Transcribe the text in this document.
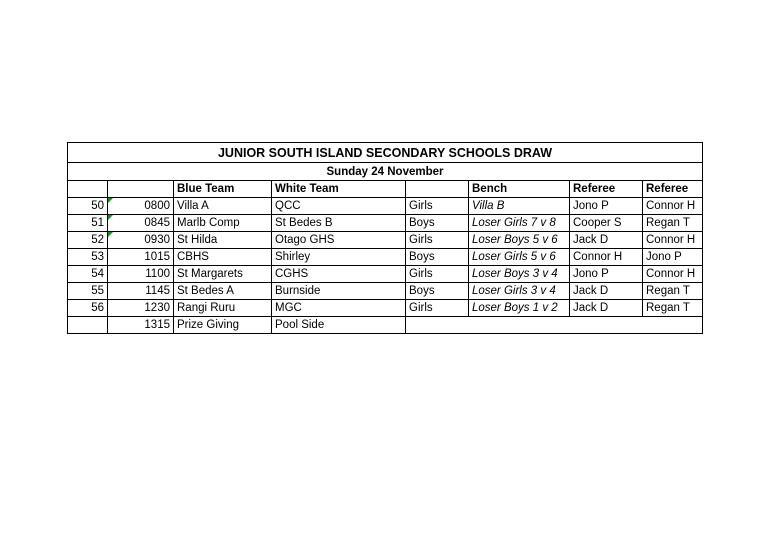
JUNIOR SOUTH ISLAND SECONDARY SCHOOLS DRAW							
Sunday 24 November							
		Blue Team	White Team		Bench	Referee	Referee
50	0800	Villa A	QCC	Girls	Villa B	Jono P	Connor H
51	0845	Marlb Comp	St Bedes B	Boys	Loser Girls 7 v 8	Cooper S	Regan T
52	0930	St Hilda	Otago GHS	Girls	Loser Boys 5 v 6	Jack D	Connor H
53	1015	CBHS	Shirley	Boys	Loser Girls 5 v 6	Connor H	Jono P
54	1100	St Margarets	CGHS	Girls	Loser Boys 3 v 4	Jono P	Connor H
55	1145	St Bedes A	Burnside	Boys	Loser Girls 3 v 4	Jack D	Regan T
56	1230	Rangi Ruru	MGC	Girls	Loser Boys 1 v 2	Jack D	Regan T
	1315	Prize Giving	Pool Side				
